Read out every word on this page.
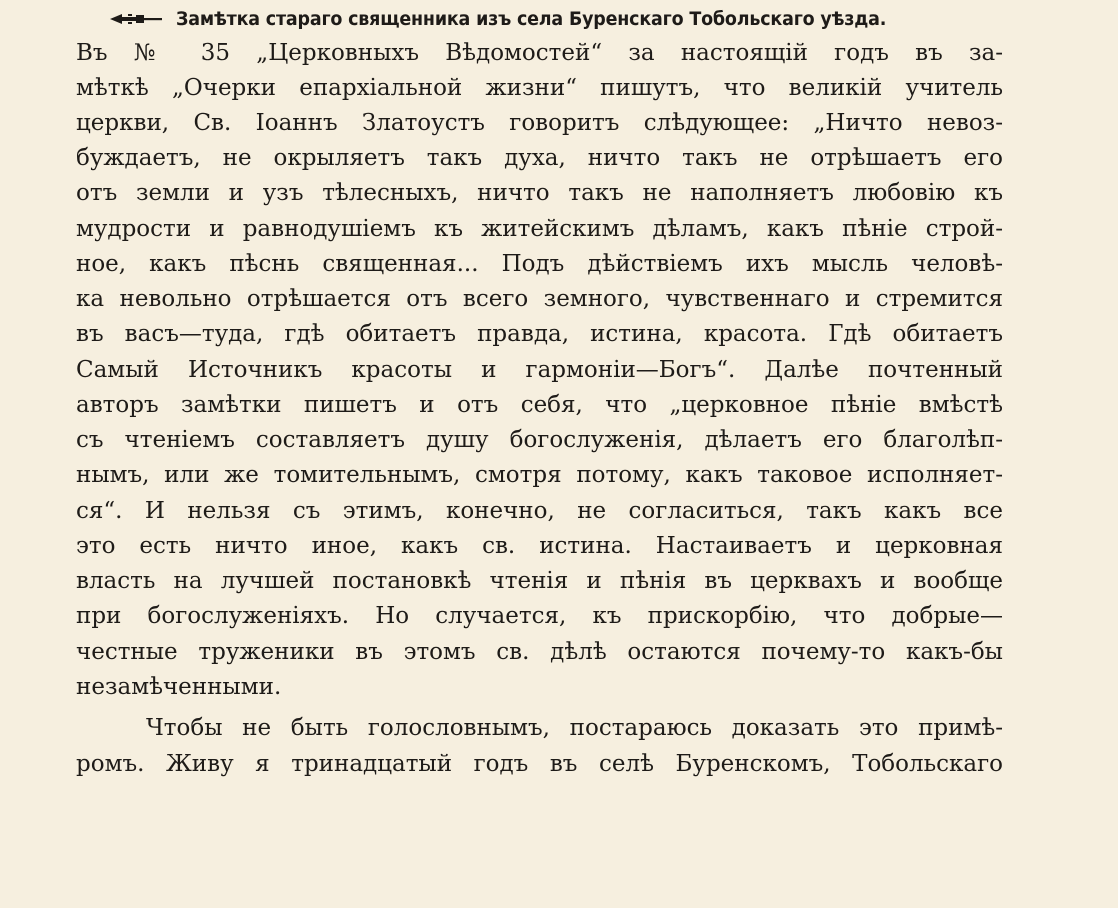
Замѣтка стараго священника изъ села Буренскаго Тобольскаго уѣзда.
Въ № 35 „Церковныхъ Вѣдомостей“ за настоящій годъ въ за-
мѣткѣ „Очерки епархіальной жизни“ пишутъ, что великій учитель
церкви, Св. Іоаннъ Златоустъ говоритъ слѣдующее: „Ничто невоз-
буждаетъ, не окрыляетъ такъ духа, ничто такъ не отрѣшаетъ его
отъ земли и узъ тѣлесныхъ, ничто такъ не наполняетъ любовію къ
мудрости и равнодушіемъ къ житейскимъ дѣламъ, какъ пѣніе строй-
ное, какъ пѣснь священная... Подъ дѣйствіемъ ихъ мысль человѣ-
ка невольно отрѣшается отъ всего земного, чувственнаго и стремится
въ васъ—туда, гдѣ обитаетъ правда, истина, красота. Гдѣ обитаетъ
Самый Источникъ красоты и гармоніи—Богъ“. Далѣе почтенный
авторъ замѣтки пишетъ и отъ себя, что „церковное пѣніе вмѣстѣ
съ чтеніемъ составляетъ душу богослуженія, дѣлаетъ его благолѣп-
нымъ, или же томительнымъ, смотря потому, какъ таковое исполняет-
ся“. И нельзя съ этимъ, конечно, не согласиться, такъ какъ все
это есть ничто иное, какъ св. истина. Настаиваетъ и церковная
власть на лучшей постановкѣ чтенія и пѣнія въ церквахъ и вообще
при богослуженіяхъ. Но случается, къ прискорбію, что добрые—
честные труженики въ этомъ св. дѣлѣ остаются почему-то какъ-бы
незамѣченными.
Чтобы не быть голословнымъ, постараюсь доказать это примѣ-
ромъ. Живу я тринадцатый годъ въ селѣ Буренскомъ, Тобольскаго
